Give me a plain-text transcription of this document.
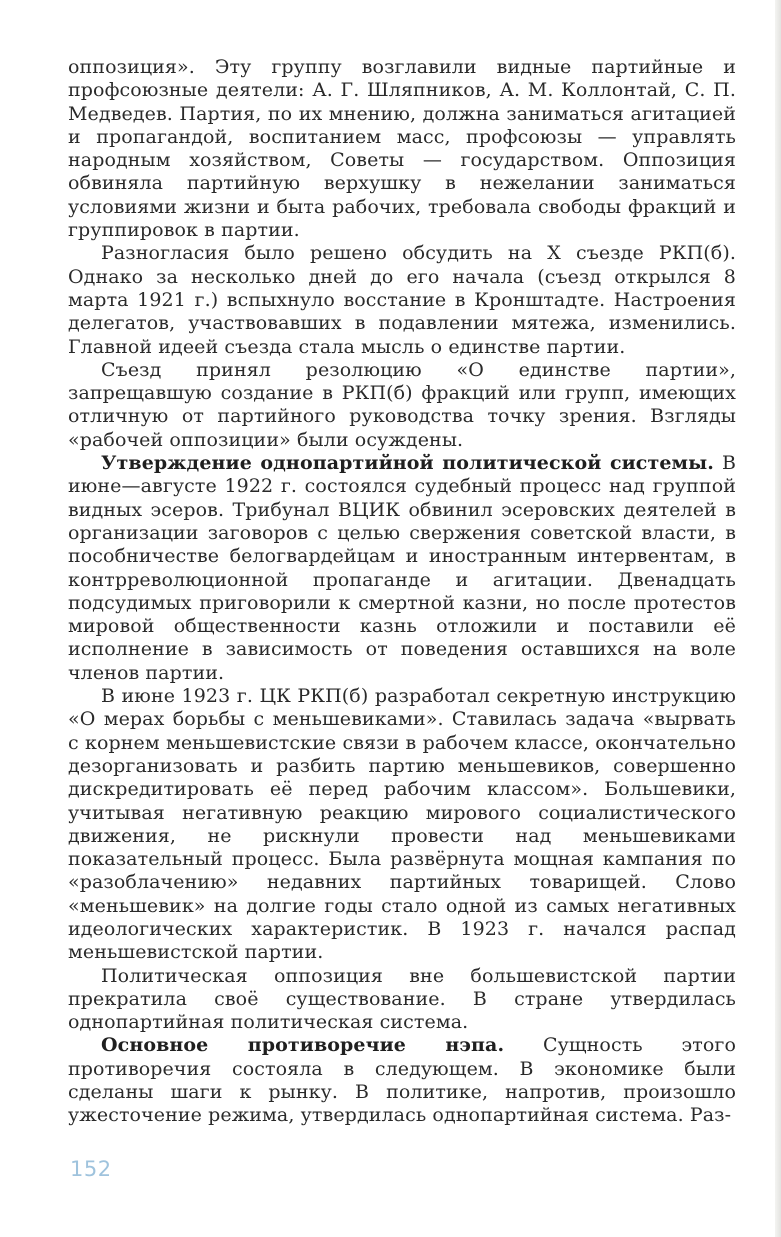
оппозиция». Эту группу возглавили видные партийные и профсоюзные деятели: А. Г. Шляпников, А. М. Коллонтай, С. П. Медведев. Партия, по их мнению, должна заниматься агитацией и пропагандой, воспитанием масс, профсоюзы — управлять народным хозяйством, Советы — государством. Оппозиция обвиняла партийную верхушку в нежелании заниматься условиями жизни и быта рабочих, требовала свободы фракций и группировок в партии.

Разногласия было решено обсудить на X съезде РКП(б). Однако за несколько дней до его начала (съезд открылся 8 марта 1921 г.) вспыхнуло восстание в Кронштадте. Настроения делегатов, участвовавших в подавлении мятежа, изменились. Главной идеей съезда стала мысль о единстве партии.

Съезд принял резолюцию «О единстве партии», запрещавшую создание в РКП(б) фракций или групп, имеющих отличную от партийного руководства точку зрения. Взгляды «рабочей оппозиции» были осуждены.

Утверждение однопартийной политической системы. В июне—августе 1922 г. состоялся судебный процесс над группой видных эсеров. Трибунал ВЦИК обвинил эсеровских деятелей в организации заговоров с целью свержения советской власти, в пособничестве белогвардейцам и иностранным интервентам, в контрреволюционной пропаганде и агитации. Двенадцать подсудимых приговорили к смертной казни, но после протестов мировой общественности казнь отложили и поставили её исполнение в зависимость от поведения оставшихся на воле членов партии.

В июне 1923 г. ЦК РКП(б) разработал секретную инструкцию «О мерах борьбы с меньшевиками». Ставилась задача «вырвать с корнем меньшевистские связи в рабочем классе, окончательно дезорганизовать и разбить партию меньшевиков, совершенно дискредитировать её перед рабочим классом». Большевики, учитывая негативную реакцию мирового социалистического движения, не рискнули провести над меньшевиками показательный процесс. Была развёрнута мощная кампания по «разоблачению» недавних партийных товарищей. Слово «меньшевик» на долгие годы стало одной из самых негативных идеологических характеристик. В 1923 г. начался распад меньшевистской партии.

Политическая оппозиция вне большевистской партии прекратила своё существование. В стране утвердилась однопартийная политическая система.

Основное противоречие нэпа. Сущность этого противоречия состояла в следующем. В экономике были сделаны шаги к рынку. В политике, напротив, произошло ужесточение режима, утвердилась однопартийная система. Раз-

152
